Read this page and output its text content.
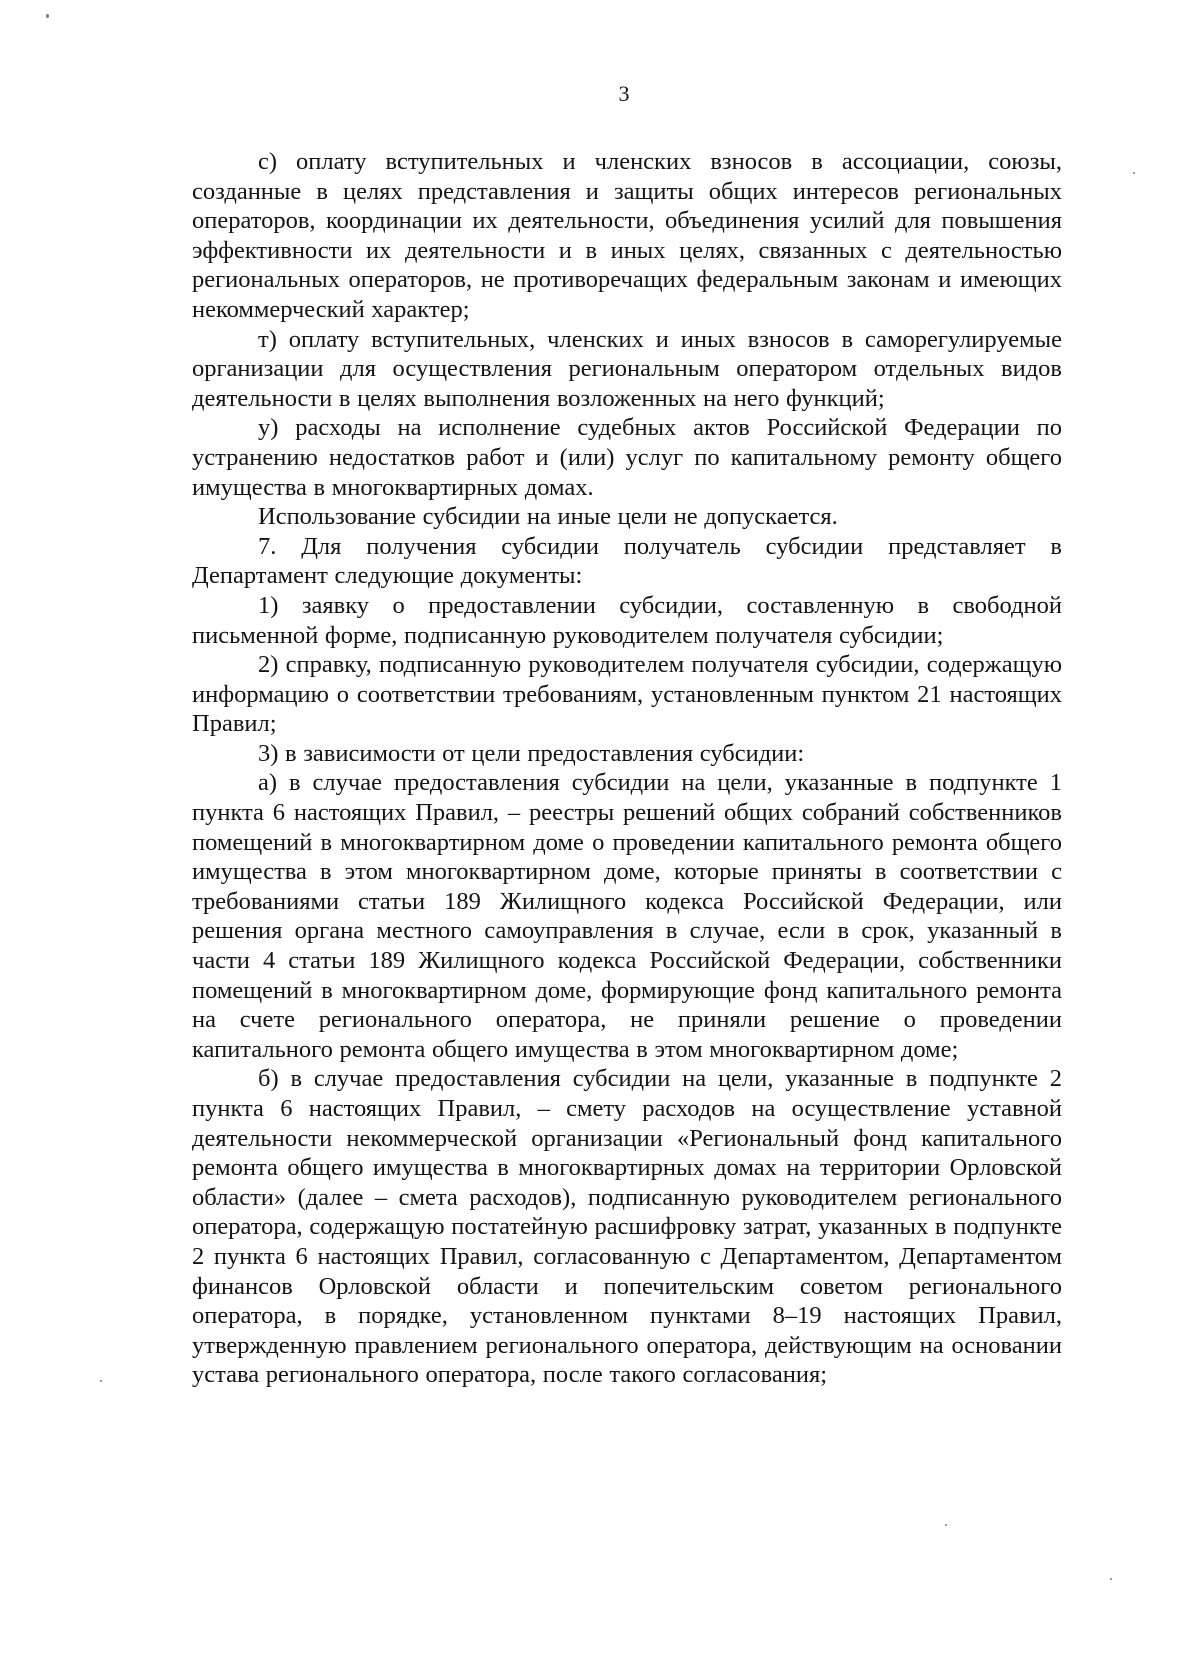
3

с) оплату вступительных и членских взносов в ассоциации, союзы, созданные в целях представления и защиты общих интересов региональных операторов, координации их деятельности, объединения усилий для повышения эффективности их деятельности и в иных целях, связанных с деятельностью региональных операторов, не противоречащих федеральным законам и имеющих некоммерческий характер;

т) оплату вступительных, членских и иных взносов в саморегулируемые организации для осуществления региональным оператором отдельных видов деятельности в целях выполнения возложенных на него функций;

у) расходы на исполнение судебных актов Российской Федерации по устранению недостатков работ и (или) услуг по капитальному ремонту общего имущества в многоквартирных домах.

Использование субсидии на иные цели не допускается.

7. Для получения субсидии получатель субсидии представляет в Департамент следующие документы:

1) заявку о предоставлении субсидии, составленную в свободной письменной форме, подписанную руководителем получателя субсидии;

2) справку, подписанную руководителем получателя субсидии, содержащую информацию о соответствии требованиям, установленным пунктом 21 настоящих Правил;

3) в зависимости от цели предоставления субсидии:

а) в случае предоставления субсидии на цели, указанные в подпункте 1 пункта 6 настоящих Правил, – реестры решений общих собраний собственников помещений в многоквартирном доме о проведении капитального ремонта общего имущества в этом многоквартирном доме, которые приняты в соответствии с требованиями статьи 189 Жилищного кодекса Российской Федерации, или решения органа местного самоуправления в случае, если в срок, указанный в части 4 статьи 189 Жилищного кодекса Российской Федерации, собственники помещений в многоквартирном доме, формирующие фонд капитального ремонта на счете регионального оператора, не приняли решение о проведении капитального ремонта общего имущества в этом многоквартирном доме;

б) в случае предоставления субсидии на цели, указанные в подпункте 2 пункта 6 настоящих Правил, – смету расходов на осуществление уставной деятельности некоммерческой организации «Региональный фонд капитального ремонта общего имущества в многоквартирных домах на территории Орловской области» (далее – смета расходов), подписанную руководителем регионального оператора, содержащую постатейную расшифровку затрат, указанных в подпункте 2 пункта 6 настоящих Правил, согласованную с Департаментом, Департаментом финансов Орловской области и попечительским советом регионального оператора, в порядке, установленном пунктами 8–19 настоящих Правил, утвержденную правлением регионального оператора, действующим на основании устава регионального оператора, после такого согласования;
